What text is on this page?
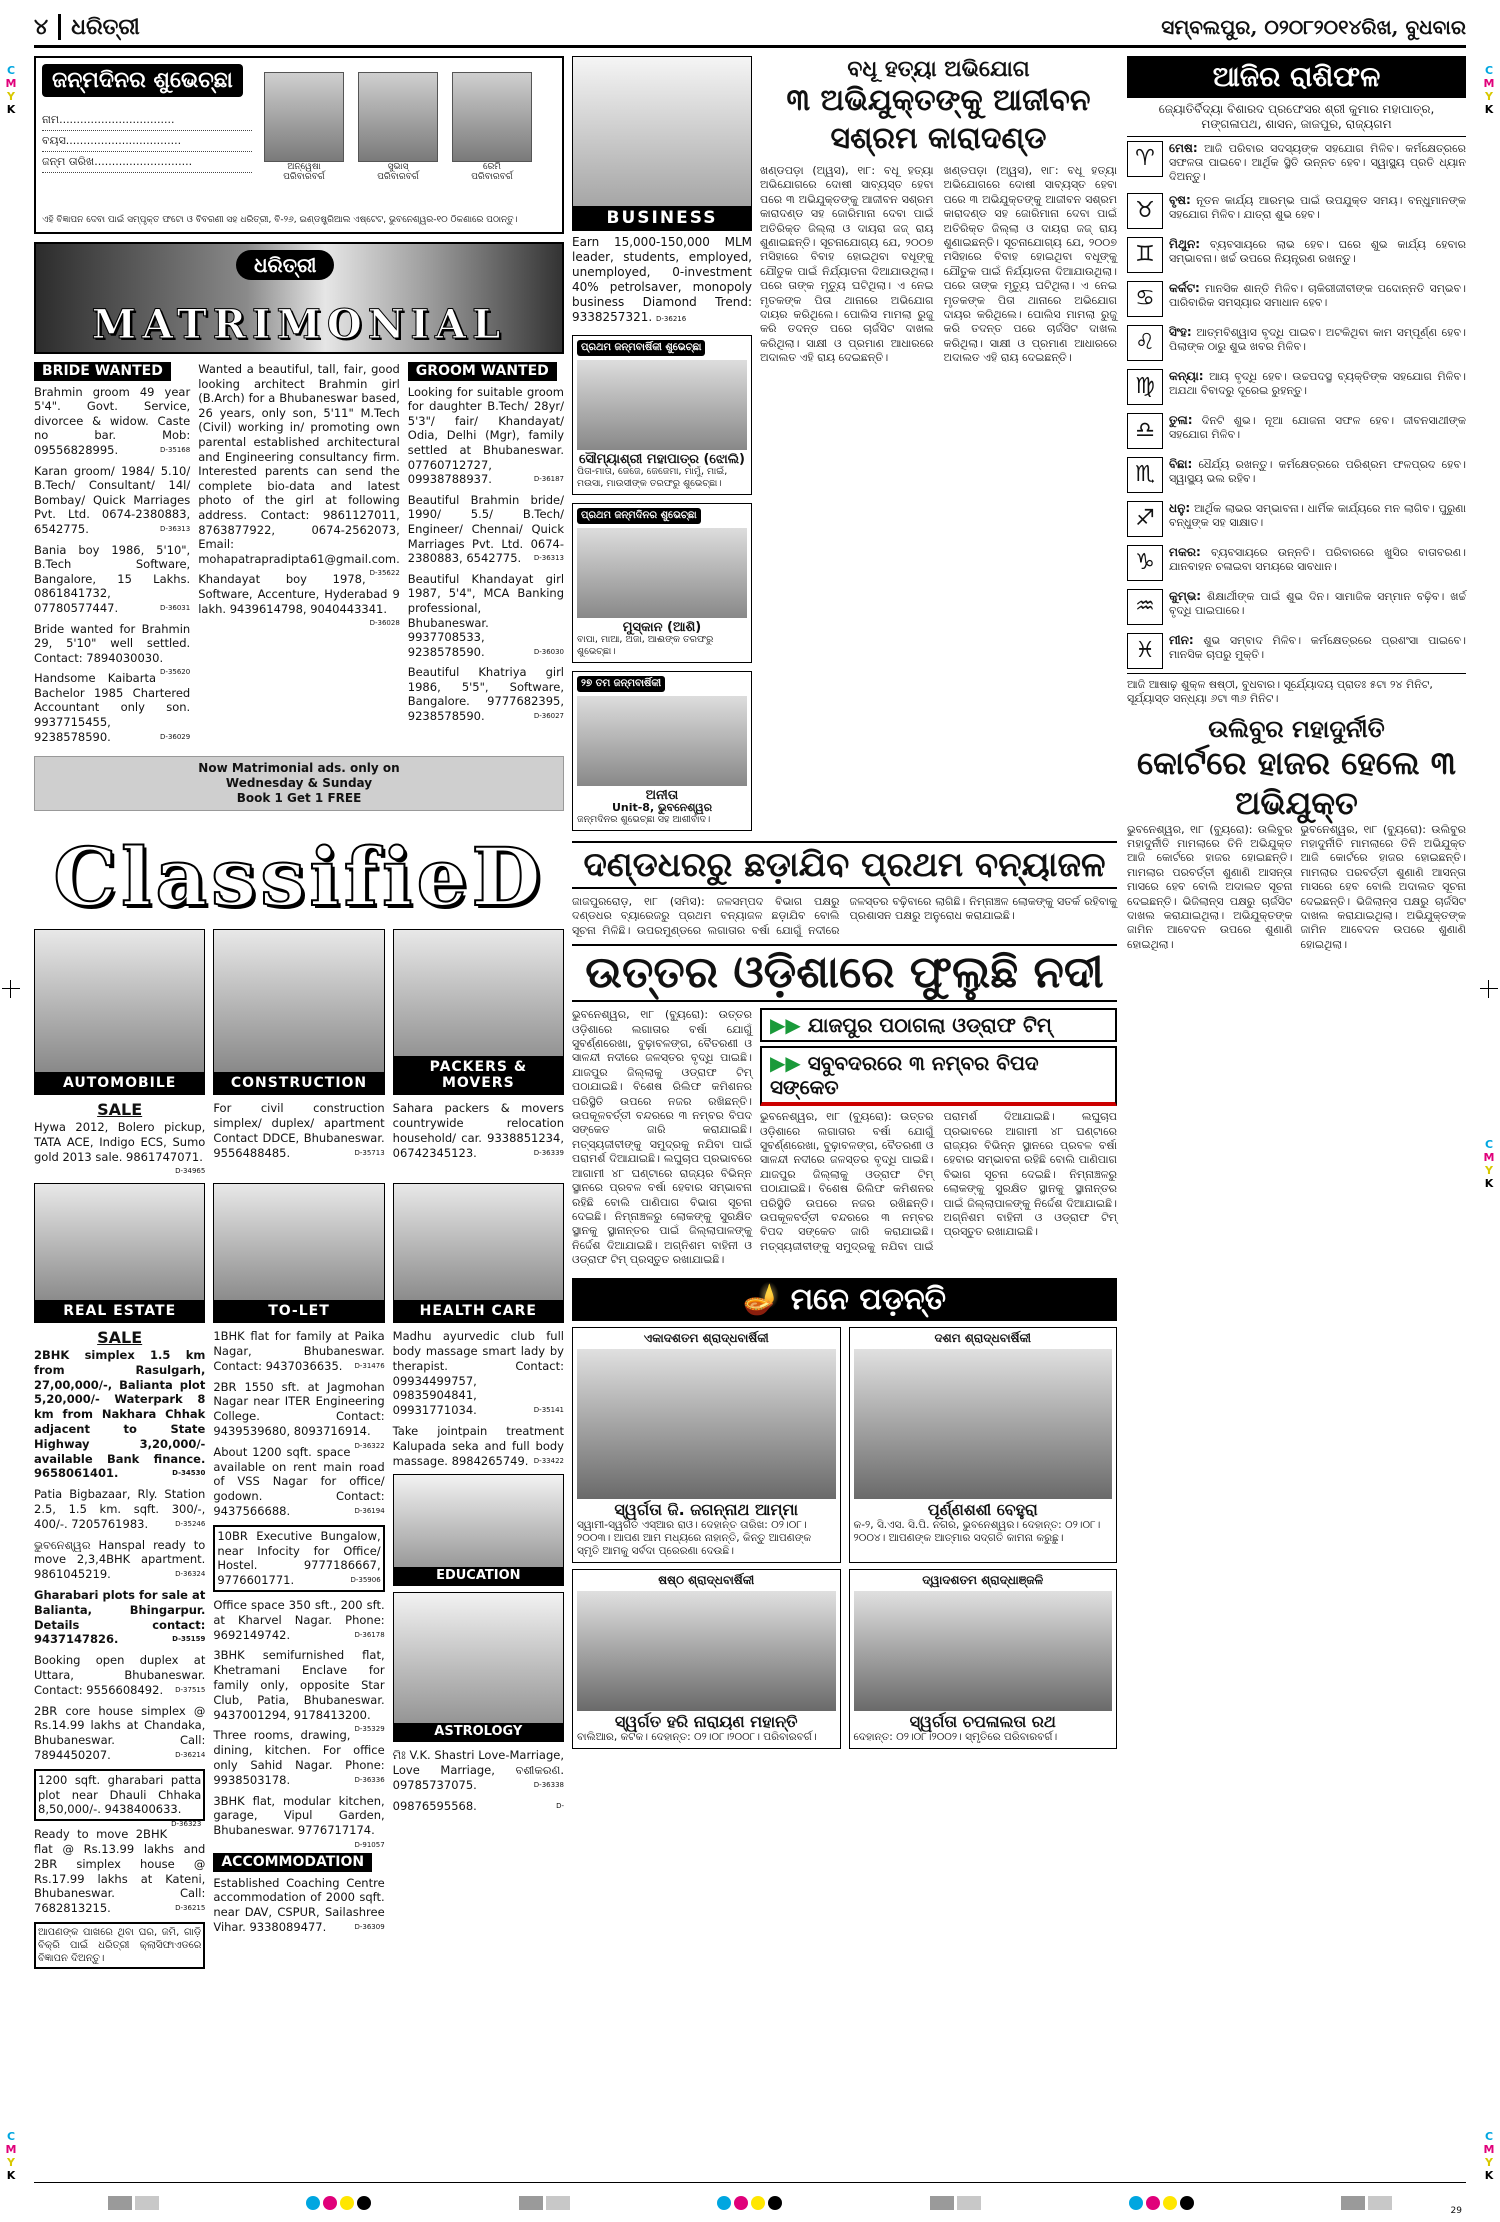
C
M
Y
K
C
M
Y
K
C
M
Y
K
C
M
Y
K
C
M
Y
K
୪ ଧରିତ୍ରୀ	ସମ୍ବଲପୁର, ୦୨୦୮୨୦୧୪ରିଖ, ବୁଧବାର
ଜନ୍ମଦିନର ଶୁଭେଚ୍ଛା
ନାମ.................................
ବୟସ.................................
ଜନ୍ମ ତାରିଖ............................	ଅନ୍ୱେଷା
ପରିବାରବର୍ଗ
ସୁଭାସ୍
ପରିବାରବର୍ଗ
ରେମି
ପରିବାରବର୍ଗ
ଏହି ବିଜ୍ଞାପନ ଦେବା ପାଇଁ ସମ୍ପୃକ୍ତ ଫଟୋ ଓ ବିବରଣୀ ସହ ଧରିତ୍ରୀ, ବି-୨୬, ଇଣ୍ଡଷ୍ଟ୍ରିଆଲ ଏଷ୍ଟେଟ, ଭୁବନେଶ୍ୱର-୧୦ ଠିକଣାରେ ପଠାନ୍ତୁ।
ଧରିତ୍ରୀ
MATRIMONIAL
BRIDE WANTED
Brahmin groom 49 year 5'4". Govt. Service, divorcee & widow. Caste no bar. Mob: 09556828995.	D-35168
Karan groom/ 1984/ 5.10/ B.Tech/ Consultant/ 14l/ Bombay/ Quick Marriages Pvt. Ltd. 0674-2380883, 6542775.	D-36313
Bania boy 1986, 5'10", B.Tech Software, Bangalore, 15 Lakhs. 0861841732, 07780577447.	D-36031
Bride wanted for Brahmin 29, 5'10" well settled. Contact: 7894030030.
D-35620
Handsome Kaibarta Bachelor 1985 Chartered Accountant only son. 9937715455, 9238578590.	D-36029
Wanted a beautiful, tall, fair, good looking architect Brahmin girl (B.Arch) for a Bhubaneswar based, 26 years, only son, 5'11" M.Tech (Civil) working in/ promoting own parental established architectural and Engineering consultancy firm. Interested parents can send the complete bio-data and latest photo of the girl at following address. Contact: 9861127011, 8763877922, 0674-2562073, Email: mohapatrapradipta61@gmail.com.
D-35622
Khandayat boy 1978, Software, Accenture, Hyderabad 9 lakh. 9439614798, 9040443341.
D-36028
GROOM WANTED
Looking for suitable groom for daughter B.Tech/ 28yr/ 5'3"/ fair/ Khandayat/ Odia, Delhi (Mgr), family settled at Bhubaneswar. 07760712727, 09938788937.	D-36187
Beautiful Brahmin bride/ 1990/ 5.5/ B.Tech/ Engineer/ Chennai/ Quick Marriages Pvt. Ltd. 0674-2380883, 6542775. D-36313
Beautiful Khandayat girl 1987, 5'4", MCA Banking professional, Bhubaneswar. 9937708533, 9238578590.	D-36030
Beautiful Khatriya girl 1986, 5'5", Software, Bangalore. 9777682395, 9238578590.	D-36027
Now Matrimonial ads. only on
Wednesday & Sunday
Book 1 Get 1 FREE
ClassifieD
AUTOMOBILE	CONSTRUCTION
PACKERS & MOVERS
SALE
Hywa 2012, Bolero pickup, TATA ACE, Indigo ECS, Sumo gold 2013 sale. 9861747071.
D-34965
For civil construction simplex/ duplex/ apartment Contact DDCE, Bhubaneswar. 9556488485.	D-35713
Sahara packers & movers countrywide relocation household/ car. 9338851234, 06742345123.	D-36339
REAL ESTATE	TO-LET	HEALTH CARE
SALE
2BHK simplex 1.5 km from Rasulgarh, 27,00,000/-, Balianta plot 5,20,000/- Waterpark 8 km from Nakhara Chhak adjacent to State Highway 3,20,000/- available Bank finance. 9658061401.	D-34530
Patia Bigbazaar, Rly. Station 2.5, 1.5 km. sqft. 300/-, 400/-. 7205761983.	D-35246
ଭୁବନେଶ୍ୱର Hanspal ready to move 2,3,4BHK apartment. 9861045219.	D-36324
Gharabari plots for sale at Balianta, Bhingarpur. Details contact: 9437147826.	D-35159
Booking open duplex at Uttara, Bhubaneswar. Contact: 9556608492. D-37515
2BR core house simplex @ Rs.14.99 lakhs at Chandaka, Bhubaneswar. Call: 7894450207.	D-36214
1200 sqft. gharabari patta plot near Dhauli Chhaka 8,50,000/-. 9438400633.
D-36323
Ready to move 2BHK flat @ Rs.13.99 lakhs and 2BR simplex house @ Rs.17.99 lakhs at Kateni, Bhubaneswar. Call: 7682813215.	D-36215
ଆପଣଙ୍କ ପାଖରେ ଥିବା ଘର, ଜମି, ଗାଡ଼ି ବିକ୍ରି ପାଇଁ ଧରିତ୍ରୀ କ୍ଲାସିଫାଏଡରେ ବିଜ୍ଞାପନ ଦିଅନ୍ତୁ।
1BHK flat for family at Paika Nagar, Bhubaneswar. Contact: 9437036635. D-31476
2BR 1550 sft. at Jagmohan Nagar near ITER Engineering College. Contact: 9439539680, 8093716914.
D-36322
About 1200 sqft. space available on rent main road of VSS Nagar for office/ godown. Contact: 9437566688.	D-36194
10BR Executive Bungalow, near Infocity for Office/ Hostel. 9777186667, 9776601771.	D-35906
Office space 350 sft., 200 sft. at Kharvel Nagar. Phone: 9692149742.	D-36178
3BHK semifurnished flat, Khetramani Enclave for family only, opposite Star Club, Patia, Bhubaneswar. 9437001294, 9178413200.
D-35329
Three rooms, drawing, dining, kitchen. For office only Sahid Nagar. Phone: 9938503178.	D-36336
3BHK flat, modular kitchen, garage, Vipul Garden, Bhubaneswar. 9776717174.
D-91057
ACCOMMODATION
Established Coaching Centre accommodation of 2000 sqft. near DAV, CSPUR, Sailashree Vihar. 9338089477.	D-36309
Madhu ayurvedic club full body massage smart lady by therapist. Contact: 09934499757, 09835904841, 09931771034.	D-35141
Take jointpain treatment Kalupada seka and full body massage. 8984265749. D-33422
EDUCATION
ASTROLOGY
ମିଃ V.K. Shastri Love-Marriage, Love Marriage, ବଶୀକରଣ. 09785737075.	D-36338
09876595568.	D-
BUSINESS
Earn 15,000-150,000 MLM leader, students, employed, unemployed, 0-investment 40% petrolsaver, monopoly business Diamond Trend: 9338257321. D-36216
ପ୍ରଥମ ଜନ୍ମବାର୍ଷିକୀ ଶୁଭେଚ୍ଛା
ସୌମ୍ୟାଶ୍ରୀ ମହାପାତ୍ର (ଝୋଲି)
ପିତା-ମାତା, ଜେଜେ, ଜେଜେମା, ମାମୁଁ, ମାଇଁ, ମଉସା, ମାଉସୀଙ୍କ ତରଫରୁ ଶୁଭେଚ୍ଛା।
ପ୍ରଥମ ଜନ୍ମଦିନର ଶୁଭେଚ୍ଛା
ମୁସ୍କାନ (ଆଶି)
ବାପା, ମାଆ, ଅଜା, ଆଈଙ୍କ ତରଫରୁ ଶୁଭେଚ୍ଛା।
୨୭ ତମ ଜନ୍ମବାର୍ଷିକୀ
ଅନୀତା
Unit-8, ଭୁବନେଶ୍ୱର
ଜନ୍ମଦିନର ଶୁଭେଚ୍ଛା ସହ ଆଶୀର୍ବାଦ।
ବଧୂ ହତ୍ୟା ଅଭିଯୋଗ
୩ ଅଭିଯୁକ୍ତଙ୍କୁ ଆଜୀବନ ସଶ୍ରମ କାରାଦଣ୍ଡ

ଖଣ୍ଡପଡ଼ା (ଅ୍ୱସ), ୧ା୮: ବଧୂ ହତ୍ୟା ଅଭିଯୋଗରେ ଦୋଷୀ ସାବ୍ୟସ୍ତ ହେବା ପରେ ୩ ଅଭିଯୁକ୍ତଙ୍କୁ ଆଜୀବନ ସଶ୍ରମ କାରାଦଣ୍ଡ ସହ ଜୋରିମାନା ଦେବା ପାଇଁ ଅତିରିକ୍ତ ଜିଲ୍ଲା ଓ ଦାୟରା ଜଜ୍ ରାୟ ଶୁଣାଇଛନ୍ତି। ସୂଚନାଯୋଗ୍ୟ ଯେ, ୨୦୦୭ ମସିହାରେ ବିବାହ ହୋଇଥିବା ବଧୂଙ୍କୁ ଯୌତୁକ ପାଇଁ ନିର୍ଯ୍ୟାତନା ଦିଆଯାଉଥିଲା। ପରେ ତାଙ୍କ ମୃତ୍ୟୁ ଘଟିଥିଲା। ଏ ନେଇ ମୃତକଙ୍କ ପିତା ଥାନାରେ ଅଭିଯୋଗ ଦାୟର କରିଥିଲେ। ପୋଲିସ ମାମଲା ରୁଜୁ କରି ତଦନ୍ତ ପରେ ଚାର୍ଜସିଟ ଦାଖଲ କରିଥିଲା। ସାକ୍ଷୀ ଓ ପ୍ରମାଣ ଆଧାରରେ ଅଦାଲତ ଏହି ରାୟ ଦେଇଛନ୍ତି।

ଖଣ୍ଡପଡ଼ା (ଅ୍ୱସ), ୧ା୮: ବଧୂ ହତ୍ୟା ଅଭିଯୋଗରେ ଦୋଷୀ ସାବ୍ୟସ୍ତ ହେବା ପରେ ୩ ଅଭିଯୁକ୍ତଙ୍କୁ ଆଜୀବନ ସଶ୍ରମ କାରାଦଣ୍ଡ ସହ ଜୋରିମାନା ଦେବା ପାଇଁ ଅତିରିକ୍ତ ଜିଲ୍ଲା ଓ ଦାୟରା ଜଜ୍ ରାୟ ଶୁଣାଇଛନ୍ତି। ସୂଚନାଯୋଗ୍ୟ ଯେ, ୨୦୦୭ ମସିହାରେ ବିବାହ ହୋଇଥିବା ବଧୂଙ୍କୁ ଯୌତୁକ ପାଇଁ ନିର୍ଯ୍ୟାତନା ଦିଆଯାଉଥିଲା। ପରେ ତାଙ୍କ ମୃତ୍ୟୁ ଘଟିଥିଲା। ଏ ନେଇ ମୃତକଙ୍କ ପିତା ଥାନାରେ ଅଭିଯୋଗ ଦାୟର କରିଥିଲେ। ପୋଲିସ ମାମଲା ରୁଜୁ କରି ତଦନ୍ତ ପରେ ଚାର୍ଜସିଟ ଦାଖଲ କରିଥିଲା। ସାକ୍ଷୀ ଓ ପ୍ରମାଣ ଆଧାରରେ ଅଦାଲତ ଏହି ରାୟ ଦେଇଛନ୍ତି।

ଦଣ୍ଡଧରରୁ ଛଡ଼ାଯିବ ପ୍ରଥମ ବନ୍ୟାଜଳ

ଜାଜପୁରରୋଡ଼, ୧ା୮ (ସମିସ): ଜଳସମ୍ପଦ ବିଭାଗ ପକ୍ଷରୁ ଦଣ୍ଡଧର ବ୍ୟାରେଜରୁ ପ୍ରଥମ ବନ୍ୟାଜଳ ଛଡ଼ାଯିବ ବୋଲି ସୂଚନା ମିଳିଛି। ଉପରମୁଣ୍ଡରେ ଲଗାତାର ବର୍ଷା ଯୋଗୁଁ ନଦୀରେ ଜଳସ୍ତର ବଢ଼ିବାରେ ଲାଗିଛି। ନିମ୍ନାଞ୍ଚଳ ଲୋକଙ୍କୁ ସତର୍କ ରହିବାକୁ ପ୍ରଶାସନ ପକ୍ଷରୁ ଅନୁରୋଧ କରାଯାଇଛି।

ଉତ୍ତର ଓଡ଼ିଶାରେ ଫୁଲୁଛି ନଦୀ

ଭୁବନେଶ୍ୱର, ୧ା୮ (ବ୍ୟୁରୋ): ଉତ୍ତର ଓଡ଼ିଶାରେ ଲଗାତାର ବର୍ଷା ଯୋଗୁଁ ସୁବର୍ଣ୍ଣରେଖା, ବୁଢ଼ାବଳଙ୍ଗ, ବୈତରଣୀ ଓ ସାଳନ୍ଦୀ ନଦୀରେ ଜଳସ୍ତର ବୃଦ୍ଧି ପାଇଛି। ଯାଜପୁର ଜିଲ୍ଲାକୁ ଓଡ୍ରାଫ ଟିମ୍ ପଠାଯାଇଛି। ବିଶେଷ ରିଲିଫ କମିଶନର ପରିସ୍ଥିତି ଉପରେ ନଜର ରଖିଛନ୍ତି। ଉପକୂଳବର୍ତ୍ତୀ ବନ୍ଦରରେ ୩ ନମ୍ବର ବିପଦ ସଙ୍କେତ ଜାରି କରାଯାଇଛି। ମତ୍ସ୍ୟଜୀବୀଙ୍କୁ ସମୁଦ୍ରକୁ ନଯିବା ପାଇଁ ପରାମର୍ଶ ଦିଆଯାଇଛି। ଲଘୁଚାପ ପ୍ରଭାବରେ ଆଗାମୀ ୪୮ ଘଣ୍ଟାରେ ରାଜ୍ୟର ବିଭିନ୍ନ ସ୍ଥାନରେ ପ୍ରବଳ ବର୍ଷା ହେବାର ସମ୍ଭାବନା ରହିଛି ବୋଲି ପାଣିପାଗ ବିଭାଗ ସୂଚନା ଦେଇଛି। ନିମ୍ନାଞ୍ଚଳରୁ ଲୋକଙ୍କୁ ସୁରକ୍ଷିତ ସ୍ଥାନକୁ ସ୍ଥାନାନ୍ତର ପାଇଁ ଜିଲ୍ଲାପାଳଙ୍କୁ ନିର୍ଦ୍ଦେଶ ଦିଆଯାଇଛି। ଅଗ୍ନିଶମ ବାହିନୀ ଓ ଓଡ୍ରାଫ ଟିମ୍ ପ୍ରସ୍ତୁତ ରଖାଯାଇଛି।

▶▶ ଯାଜପୁର ପଠାଗଲା ଓଡ୍ରାଫ ଟିମ୍
▶▶ ସବୁବଦରରେ ୩ ନମ୍ବର ବିପଦ ସଙ୍କେତ

ଭୁବନେଶ୍ୱର, ୧ା୮ (ବ୍ୟୁରୋ): ଉତ୍ତର ଓଡ଼ିଶାରେ ଲଗାତାର ବର୍ଷା ଯୋଗୁଁ ସୁବର୍ଣ୍ଣରେଖା, ବୁଢ଼ାବଳଙ୍ଗ, ବୈତରଣୀ ଓ ସାଳନ୍ଦୀ ନଦୀରେ ଜଳସ୍ତର ବୃଦ୍ଧି ପାଇଛି। ଯାଜପୁର ଜିଲ୍ଲାକୁ ଓଡ୍ରାଫ ଟିମ୍ ପଠାଯାଇଛି। ବିଶେଷ ରିଲିଫ କମିଶନର ପରିସ୍ଥିତି ଉପରେ ନଜର ରଖିଛନ୍ତି। ଉପକୂଳବର୍ତ୍ତୀ ବନ୍ଦରରେ ୩ ନମ୍ବର ବିପଦ ସଙ୍କେତ ଜାରି କରାଯାଇଛି। ମତ୍ସ୍ୟଜୀବୀଙ୍କୁ ସମୁଦ୍ରକୁ ନଯିବା ପାଇଁ ପରାମର୍ଶ ଦିଆଯାଇଛି। ଲଘୁଚାପ ପ୍ରଭାବରେ ଆଗାମୀ ୪୮ ଘଣ୍ଟାରେ ରାଜ୍ୟର ବିଭିନ୍ନ ସ୍ଥାନରେ ପ୍ରବଳ ବର୍ଷା ହେବାର ସମ୍ଭାବନା ରହିଛି ବୋଲି ପାଣିପାଗ ବିଭାଗ ସୂଚନା ଦେଇଛି। ନିମ୍ନାଞ୍ଚଳରୁ ଲୋକଙ୍କୁ ସୁରକ୍ଷିତ ସ୍ଥାନକୁ ସ୍ଥାନାନ୍ତର ପାଇଁ ଜିଲ୍ଲାପାଳଙ୍କୁ ନିର୍ଦ୍ଦେଶ ଦିଆଯାଇଛି। ଅଗ୍ନିଶମ ବାହିନୀ ଓ ଓଡ୍ରାଫ ଟିମ୍ ପ୍ରସ୍ତୁତ ରଖାଯାଇଛି।

🪔 ମନେ ପଡ଼ନ୍ତି
ଏକାଦଶତମ ଶ୍ରାଦ୍ଧବାର୍ଷିକୀ
ସ୍ୱର୍ଗତା ଜି. ଜଗନ୍ନାଥ ଆମ୍ମା
ସ୍ୱାମୀ-ସ୍ୱର୍ଗତ ଏସ୍ଆର ରାଓ। ଦେହାନ୍ତ ତାରିଖ: ୦୨।୦୮।୨୦୦୩। ଆପଣ ଆମ ମଧ୍ୟରେ ନାହାନ୍ତି, କିନ୍ତୁ ଆପଣଙ୍କ ସ୍ମୃତି ଆମକୁ ସର୍ବଦା ପ୍ରେରଣା ଦେଉଛି।
ଦଶମ ଶ୍ରାଦ୍ଧବାର୍ଷିକୀ
ପୂର୍ଣ୍ଣଶଶୀ ବେହୁରା
କ-୨, ସି.ଏସ. ସି.ପି. ନଗର, ଭୁବନେଶ୍ୱର। ଦେହାନ୍ତ: ୦୨।୦୮।୨୦୦୪। ଆପଣଙ୍କ ଆତ୍ମାର ସଦ୍ଗତି କାମନା କରୁଛୁ।
ଷଷ୍ଠ ଶ୍ରାଦ୍ଧବାର୍ଷିକୀ
ସ୍ୱର୍ଗତ ହରି ନାରାୟଣ ମହାନ୍ତି
ବାଲିଆର, କଟକ। ଦେହାନ୍ତ: ୦୨।୦୮।୨୦୦୮। ପରିବାରବର୍ଗ।
ଦ୍ୱାଦଶତମ ଶ୍ରାଦ୍ଧାଞ୍ଜଳି
ସ୍ୱର୍ଗତା ଚପଳାଲତା ରଥ
ଦେହାନ୍ତ: ୦୨।୦୮।୨୦୦୨। ସ୍ମୃତିରେ ପରିବାରବର୍ଗ।
ଆଜିର ରାଶିଫଳ
ଜ୍ୟୋତିର୍ବିଦ୍ୟା ବିଶାରଦ ପ୍ରଫେସର ଶ୍ରୀ କୁମାର ମହାପାତ୍ର, ମଙ୍ଗଳାପଥ, ଶାସନ, ଜାଜପୁର, ରାଜ୍ୟଗମ
♈	ମେଷ: ଆଜି ପରିବାର ସଦସ୍ୟଙ୍କ ସହଯୋଗ ମିଳିବ। କର୍ମକ୍ଷେତ୍ରରେ ସଫଳତା ପାଇବେ। ଆର୍ଥିକ ସ୍ଥିତି ଉନ୍ନତ ହେବ। ସ୍ୱାସ୍ଥ୍ୟ ପ୍ରତି ଧ୍ୟାନ ଦିଅନ୍ତୁ।
♉	ବୃଷ: ନୂତନ କାର୍ଯ୍ୟ ଆରମ୍ଭ ପାଇଁ ଉପଯୁକ୍ତ ସମୟ। ବନ୍ଧୁମାନଙ୍କ ସହଯୋଗ ମିଳିବ। ଯାତ୍ରା ଶୁଭ ହେବ।
♊	ମିଥୁନ: ବ୍ୟବସାୟରେ ଲାଭ ହେବ। ଘରେ ଶୁଭ କାର୍ଯ୍ୟ ହେବାର ସମ୍ଭାବନା। ଖର୍ଚ୍ଚ ଉପରେ ନିୟନ୍ତ୍ରଣ ରଖନ୍ତୁ।
♋	କର୍କଟ: ମାନସିକ ଶାନ୍ତି ମିଳିବ। ଚାକିରୀଜୀବୀଙ୍କ ପଦୋନ୍ନତି ସମ୍ଭବ। ପାରିବାରିକ ସମସ୍ୟାର ସମାଧାନ ହେବ।
♌	ସିଂହ: ଆତ୍ମବିଶ୍ୱାସ ବୃଦ୍ଧି ପାଇବ। ଅଟକିଥିବା କାମ ସମ୍ପୂର୍ଣ୍ଣ ହେବ। ପିଲାଙ୍କ ଠାରୁ ଶୁଭ ଖବର ମିଳିବ।
♍	କନ୍ୟା: ଆୟ ବୃଦ୍ଧି ହେବ। ଉଚ୍ଚପଦସ୍ଥ ବ୍ୟକ୍ତିଙ୍କ ସହଯୋଗ ମିଳିବ। ଅଯଥା ବିବାଦରୁ ଦୂରେଇ ରୁହନ୍ତୁ।
♎	ତୁଳା: ଦିନଟି ଶୁଭ। ନୂଆ ଯୋଜନା ସଫଳ ହେବ। ଜୀବନସାଥୀଙ୍କ ସହଯୋଗ ମିଳିବ।
♏	ବିଛା: ଧୈର୍ଯ୍ୟ ରଖନ୍ତୁ। କର୍ମକ୍ଷେତ୍ରରେ ପରିଶ୍ରମ ଫଳପ୍ରଦ ହେବ। ସ୍ୱାସ୍ଥ୍ୟ ଭଲ ରହିବ।
♐	ଧନୁ: ଆର୍ଥିକ ଲାଭର ସମ୍ଭାବନା। ଧାର୍ମିକ କାର୍ଯ୍ୟରେ ମନ ଲାଗିବ। ପୁରୁଣା ବନ୍ଧୁଙ୍କ ସହ ସାକ୍ଷାତ।
♑	ମକର: ବ୍ୟବସାୟରେ ଉନ୍ନତି। ପରିବାରରେ ଖୁସିର ବାତାବରଣ। ଯାନବାହନ ଚଳାଇବା ସମୟରେ ସାବଧାନ।
♒	କୁମ୍ଭ: ଶିକ୍ଷାର୍ଥୀଙ୍କ ପାଇଁ ଶୁଭ ଦିନ। ସାମାଜିକ ସମ୍ମାନ ବଢ଼ିବ। ଖର୍ଚ୍ଚ ବୃଦ୍ଧି ପାଇପାରେ।
♓	ମୀନ: ଶୁଭ ସମ୍ବାଦ ମିଳିବ। କର୍ମକ୍ଷେତ୍ରରେ ପ୍ରଶଂସା ପାଇବେ। ମାନସିକ ଚାପରୁ ମୁକ୍ତି।
ଆଜି ଆଷାଢ଼ ଶୁକ୍ଳ ଷଷ୍ଠୀ, ବୁଧବାର। ସୂର୍ଯ୍ୟୋଦୟ ପ୍ରାତଃ ୫ଟା ୨୪ ମିନିଟ, ସୂର୍ଯ୍ୟାସ୍ତ ସନ୍ଧ୍ୟା ୬ଟା ୩୬ ମିନିଟ।
ଉଲିବୁର ମହାଦୁର୍ନୀତି
କୋର୍ଟରେ ହାଜର ହେଲେ ୩ ଅଭିଯୁକ୍ତ

ଭୁବନେଶ୍ୱର, ୧ା୮ (ବ୍ୟୁରୋ): ଉଲିବୁର ମହାଦୁର୍ନୀତି ମାମଲାରେ ତିନି ଅଭିଯୁକ୍ତ ଆଜି କୋର୍ଟରେ ହାଜର ହୋଇଛନ୍ତି। ମାମଲାର ପରବର୍ତ୍ତୀ ଶୁଣାଣି ଆସନ୍ତା ମାସରେ ହେବ ବୋଲି ଅଦାଲତ ସୂଚନା ଦେଇଛନ୍ତି। ଭିଜିଲାନ୍ସ ପକ୍ଷରୁ ଚାର୍ଜସିଟ ଦାଖଲ କରାଯାଇଥିଲା। ଅଭିଯୁକ୍ତଙ୍କ ଜାମିନ ଆବେଦନ ଉପରେ ଶୁଣାଣି ହୋଇଥିଲା।

ଭୁବନେଶ୍ୱର, ୧ା୮ (ବ୍ୟୁରୋ): ଉଲିବୁର ମହାଦୁର୍ନୀତି ମାମଲାରେ ତିନି ଅଭିଯୁକ୍ତ ଆଜି କୋର୍ଟରେ ହାଜର ହୋଇଛନ୍ତି। ମାମଲାର ପରବର୍ତ୍ତୀ ଶୁଣାଣି ଆସନ୍ତା ମାସରେ ହେବ ବୋଲି ଅଦାଲତ ସୂଚନା ଦେଇଛନ୍ତି। ଭିଜିଲାନ୍ସ ପକ୍ଷରୁ ଚାର୍ଜସିଟ ଦାଖଲ କରାଯାଇଥିଲା। ଅଭିଯୁକ୍ତଙ୍କ ଜାମିନ ଆବେଦନ ଉପରେ ଶୁଣାଣି ହୋଇଥିଲା।

29
